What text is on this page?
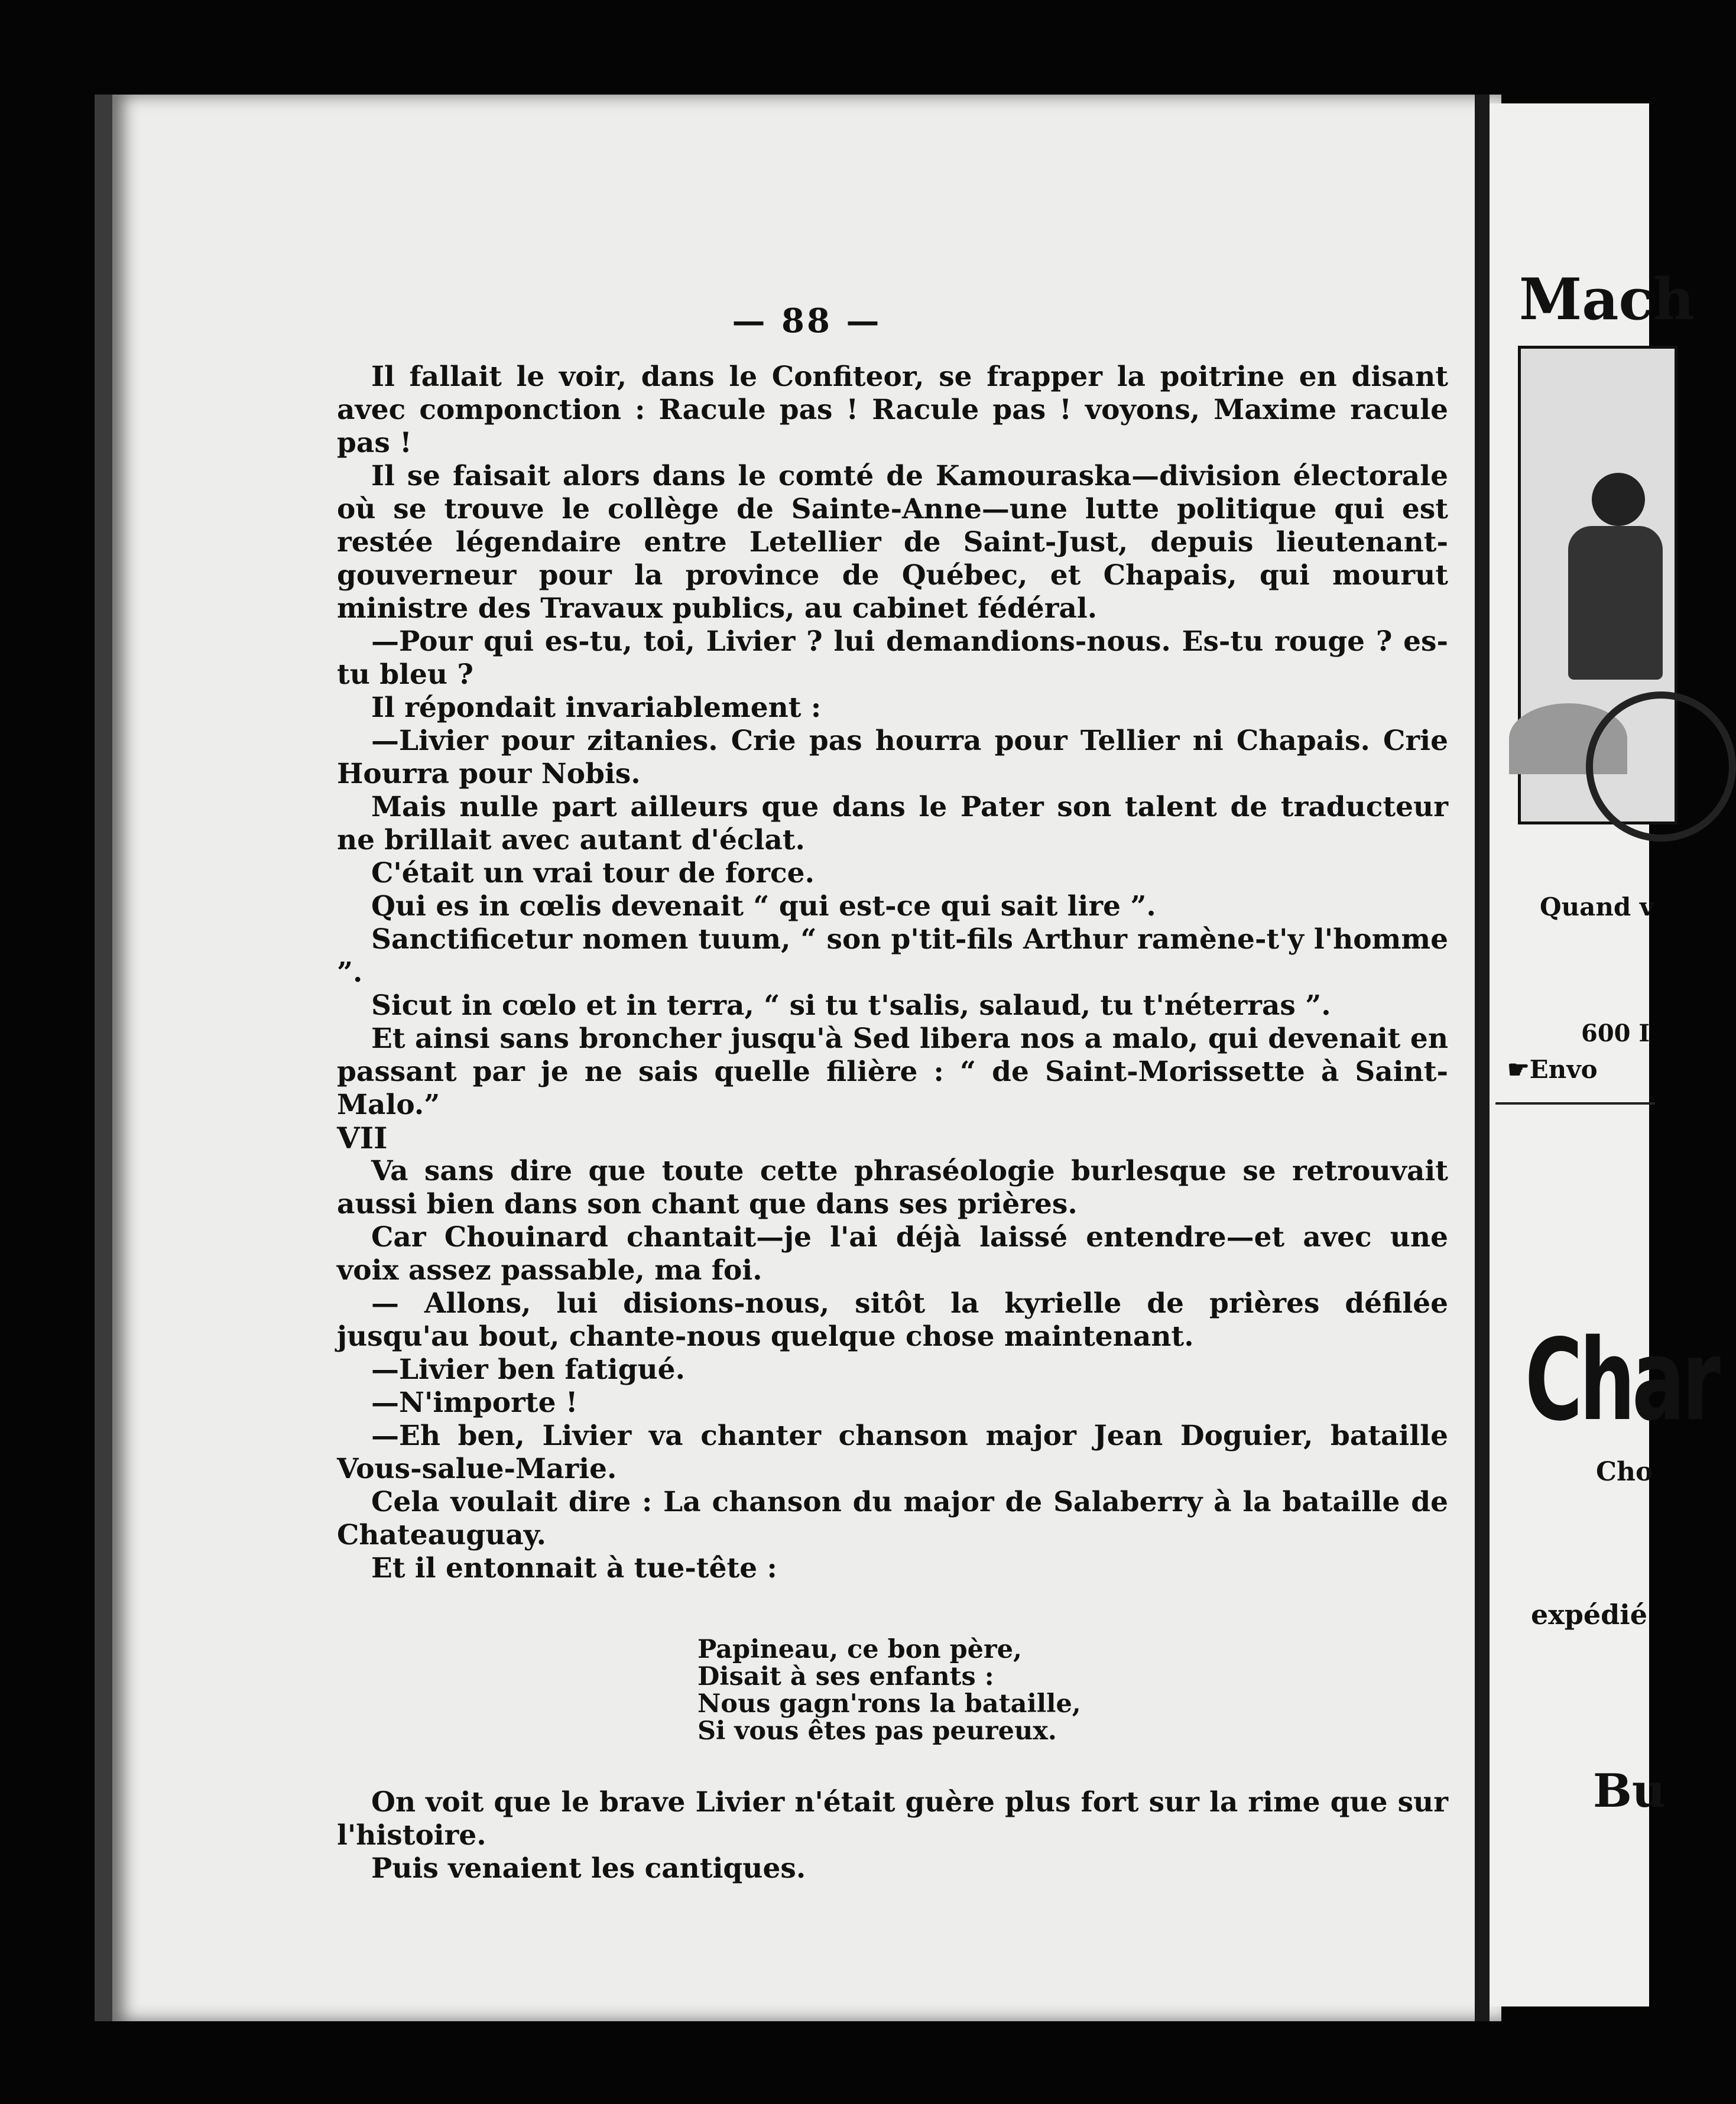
— 88 —

Il fallait le voir, dans le Confiteor, se frapper la poitrine en disant avec componction : Racule pas ! Racule pas ! voyons, Maxime racule pas !

Il se faisait alors dans le comté de Kamouraska—division électorale où se trouve le collège de Sainte-Anne—une lutte politique qui est restée légendaire entre Letellier de Saint-Just, depuis lieutenant-gouverneur pour la province de Québec, et Chapais, qui mourut ministre des Travaux publics, au cabinet fédéral.

—Pour qui es-tu, toi, Livier ? lui demandions-nous. Es-tu rouge ? es-tu bleu ?

Il répondait invariablement :

—Livier pour zitanies. Crie pas hourra pour Tellier ni Chapais. Crie Hourra pour Nobis.

Mais nulle part ailleurs que dans le Pater son talent de traducteur ne brillait avec autant d'éclat.

C'était un vrai tour de force.

Qui es in cœlis devenait “ qui est-ce qui sait lire ”.

Sanctificetur nomen tuum, “ son p'tit-fils Arthur ramène-t'y l'homme ”.

Sicut in cœlo et in terra, “ si tu t'salis, salaud, tu t'néterras ”.

Et ainsi sans broncher jusqu'à Sed libera nos a malo, qui devenait en passant par je ne sais quelle filière : “ de Saint-Morissette à Saint-Malo.”

VII

Va sans dire que toute cette phraséologie burlesque se retrouvait aussi bien dans son chant que dans ses prières.

Car Chouinard chantait—je l'ai déjà laissé entendre—et avec une voix assez passable, ma foi.

— Allons, lui disions-nous, sitôt la kyrielle de prières défilée jusqu'au bout, chante-nous quelque chose maintenant.

—Livier ben fatigué.

—N'importe !

—Eh ben, Livier va chanter chanson major Jean Doguier, bataille Vous-salue-Marie.

Cela voulait dire : La chanson du major de Salaberry à la bataille de Chateauguay.

Et il entonnait à tue-tête :

Papineau, ce bon père,
Disait à ses enfants :
Nous gagn'rons la bataille,
Si vous êtes pas peureux.

On voit que le brave Livier n'était guère plus fort sur la rime que sur l'histoire.

Puis venaient les cantiques.

Mach
Quand v
600 I
☛Envo
Char
Cho
expédié
Bu
